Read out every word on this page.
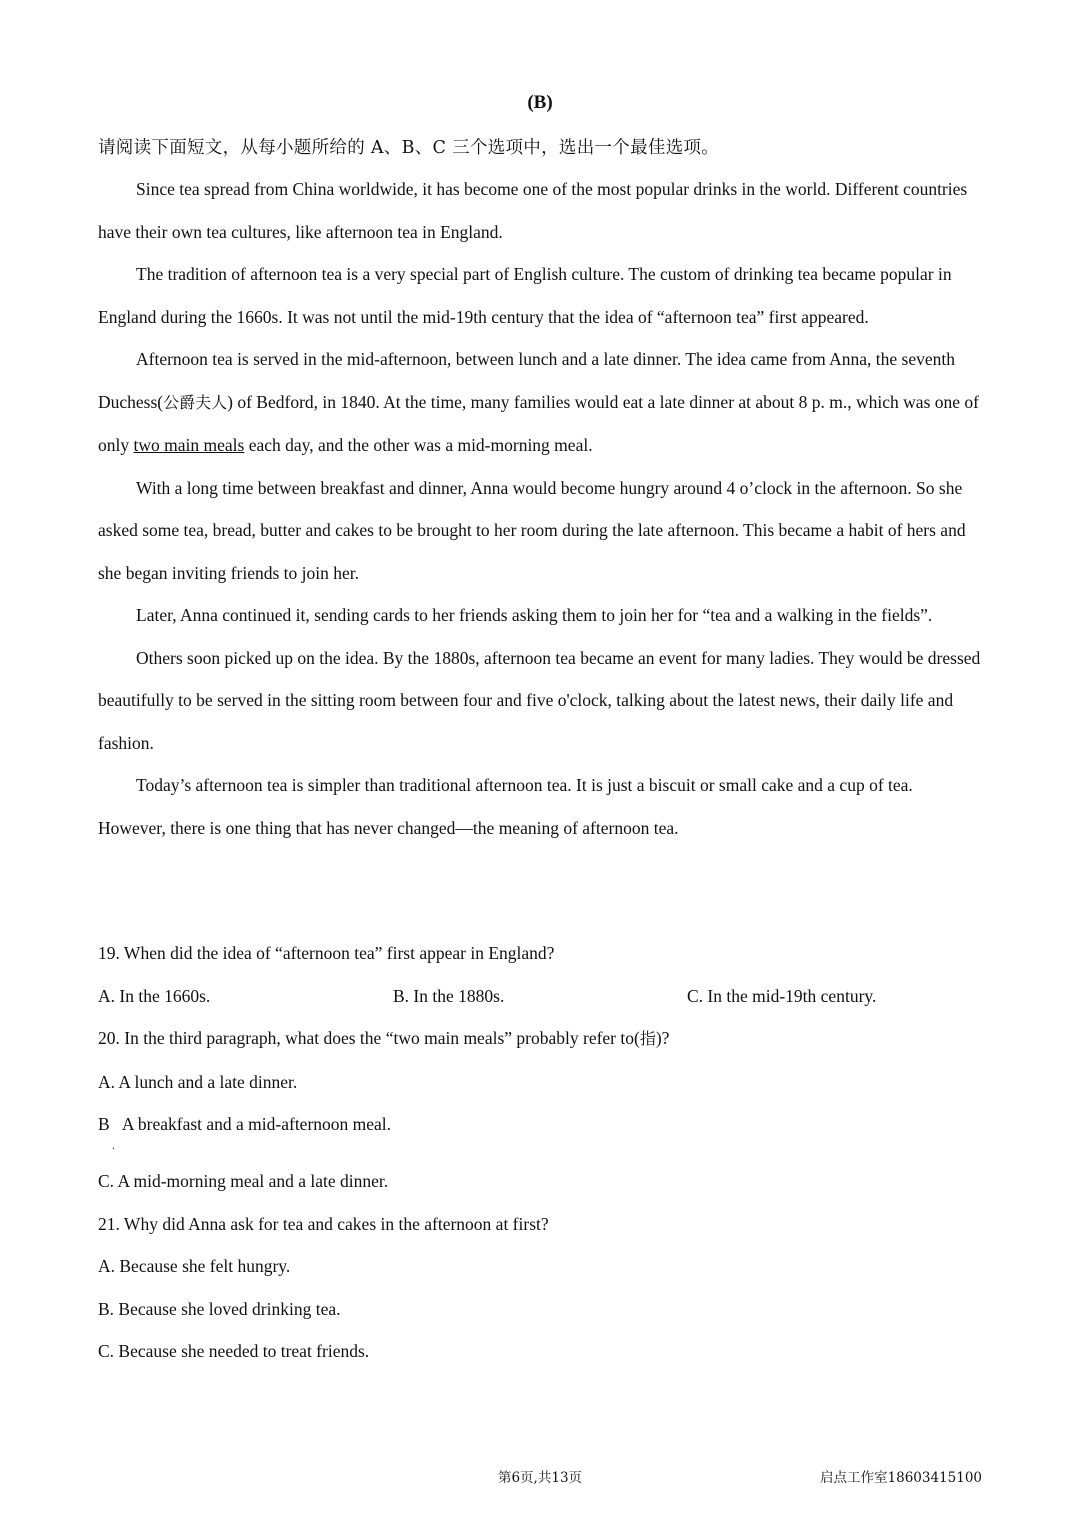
(B)
请阅读下面短文，从每小题所给的 A、B、C 三个选项中，选出一个最佳选项。

Since tea spread from China worldwide, it has become one of the most popular drinks in the world. Different countries have their own tea cultures, like afternoon tea in England.

The tradition of afternoon tea is a very special part of English culture. The custom of drinking tea became popular in England during the 1660s. It was not until the mid-19th century that the idea of “afternoon tea” first appeared.

Afternoon tea is served in the mid-afternoon, between lunch and a late dinner. The idea came from Anna, the seventh Duchess(公爵夫人) of Bedford, in 1840. At the time, many families would eat a late dinner at about 8 p. m., which was one of only two main meals each day, and the other was a mid-morning meal.

With a long time between breakfast and dinner, Anna would become hungry around 4 o’clock in the afternoon. So she asked some tea, bread, butter and cakes to be brought to her room during the late afternoon. This became a habit of hers and she began inviting friends to join her.

Later, Anna continued it, sending cards to her friends asking them to join her for “tea and a walking in the fields”.

Others soon picked up on the idea. By the 1880s, afternoon tea became an event for many ladies. They would be dressed beautifully to be served in the sitting room between four and five o'clock, talking about the latest news, their daily life and fashion.

Today’s afternoon tea is simpler than traditional afternoon tea. It is just a biscuit or small cake and a cup of tea. However, there is one thing that has never changed—the meaning of afternoon tea.

19. When did the idea of “afternoon tea” first appear in England?

A. In the 1660s.	B. In the 1880s.	C. In the mid-19th century.

20. In the third paragraph, what does the “two main meals” probably refer to(指)?

A. A lunch and a late dinner.

B   A breakfast and a mid-afternoon meal.
.

C. A mid-morning meal and a late dinner.

21. Why did Anna ask for tea and cakes in the afternoon at first?

A. Because she felt hungry.

B. Because she loved drinking tea.

C. Because she needed to treat friends.

第6页,共13页	启点工作室18603415100
